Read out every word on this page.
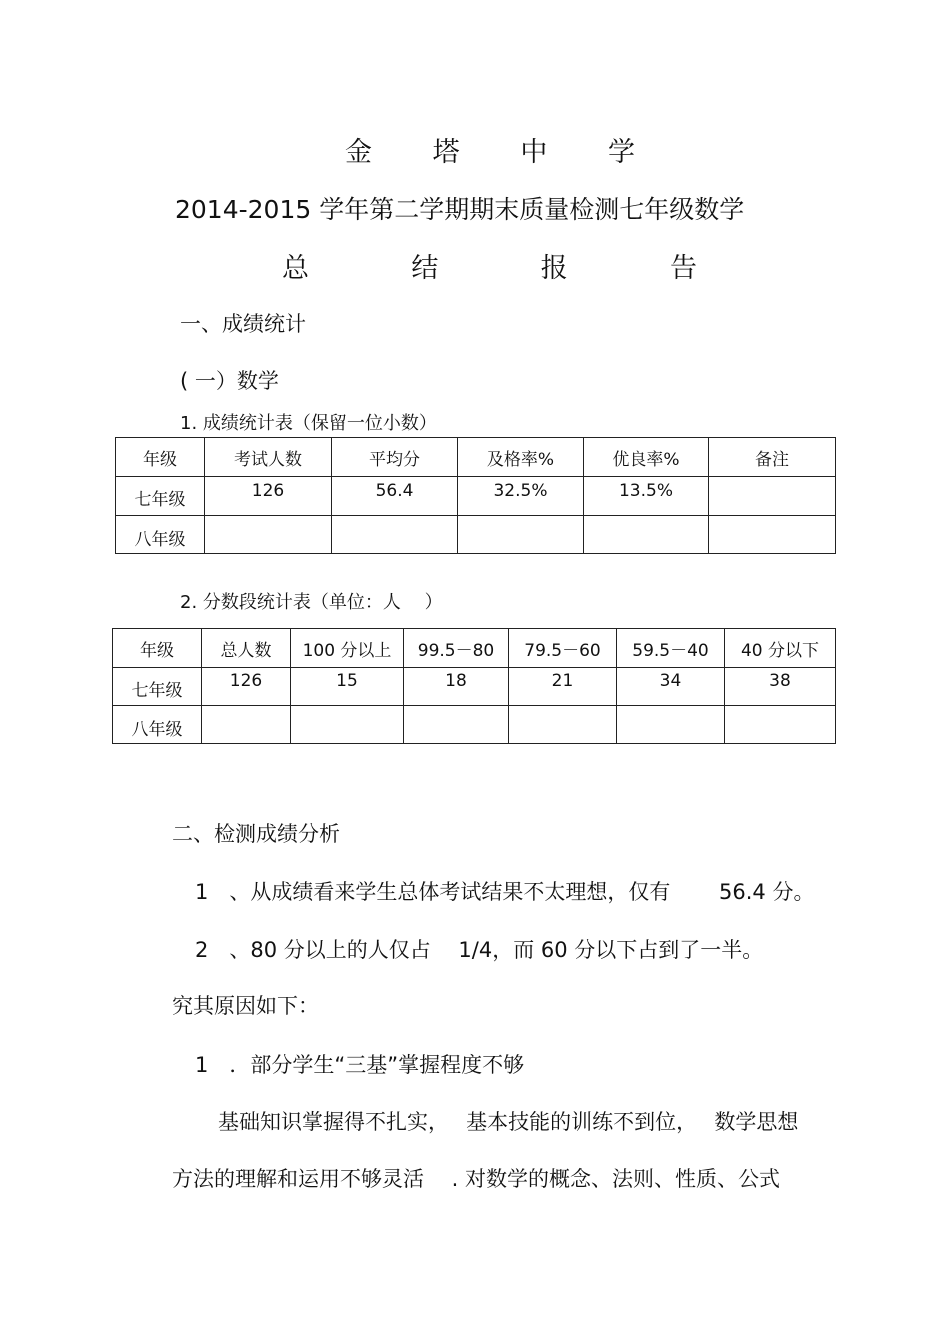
金 塔 中 学
2014-2015 学年第二学期期末质量检测七年级数学
总	结	报	告
一、成绩统计
( 一）数学
1. 成绩统计表（保留一位小数）
年级	考试人数	平均分	及格率%	优良率%	备注

七年级	126	56.4	32.5%	13.5%	

八年级					

2. 分数段统计表（单位：人　 ）
年级	总人数	100 分以上	99.5－80	79.5－60	59.5－40	40 分以下

七年级	126	15	18	21	34	38

八年级						

二、检测成绩分析
1　、从成绩看来学生总体考试结果不太理想，仅有　　 56.4 分。
2　、80 分以上的人仅占　 1/4，而 60 分以下占到了一半。
究其原因如下：
1　．部分学生“三基”掌握程度不够
基础知识掌握得不扎实，　 基本技能的训练不到位，　 数学思想
方法的理解和运用不够灵活　 . 对数学的概念、法则、性质、公式
